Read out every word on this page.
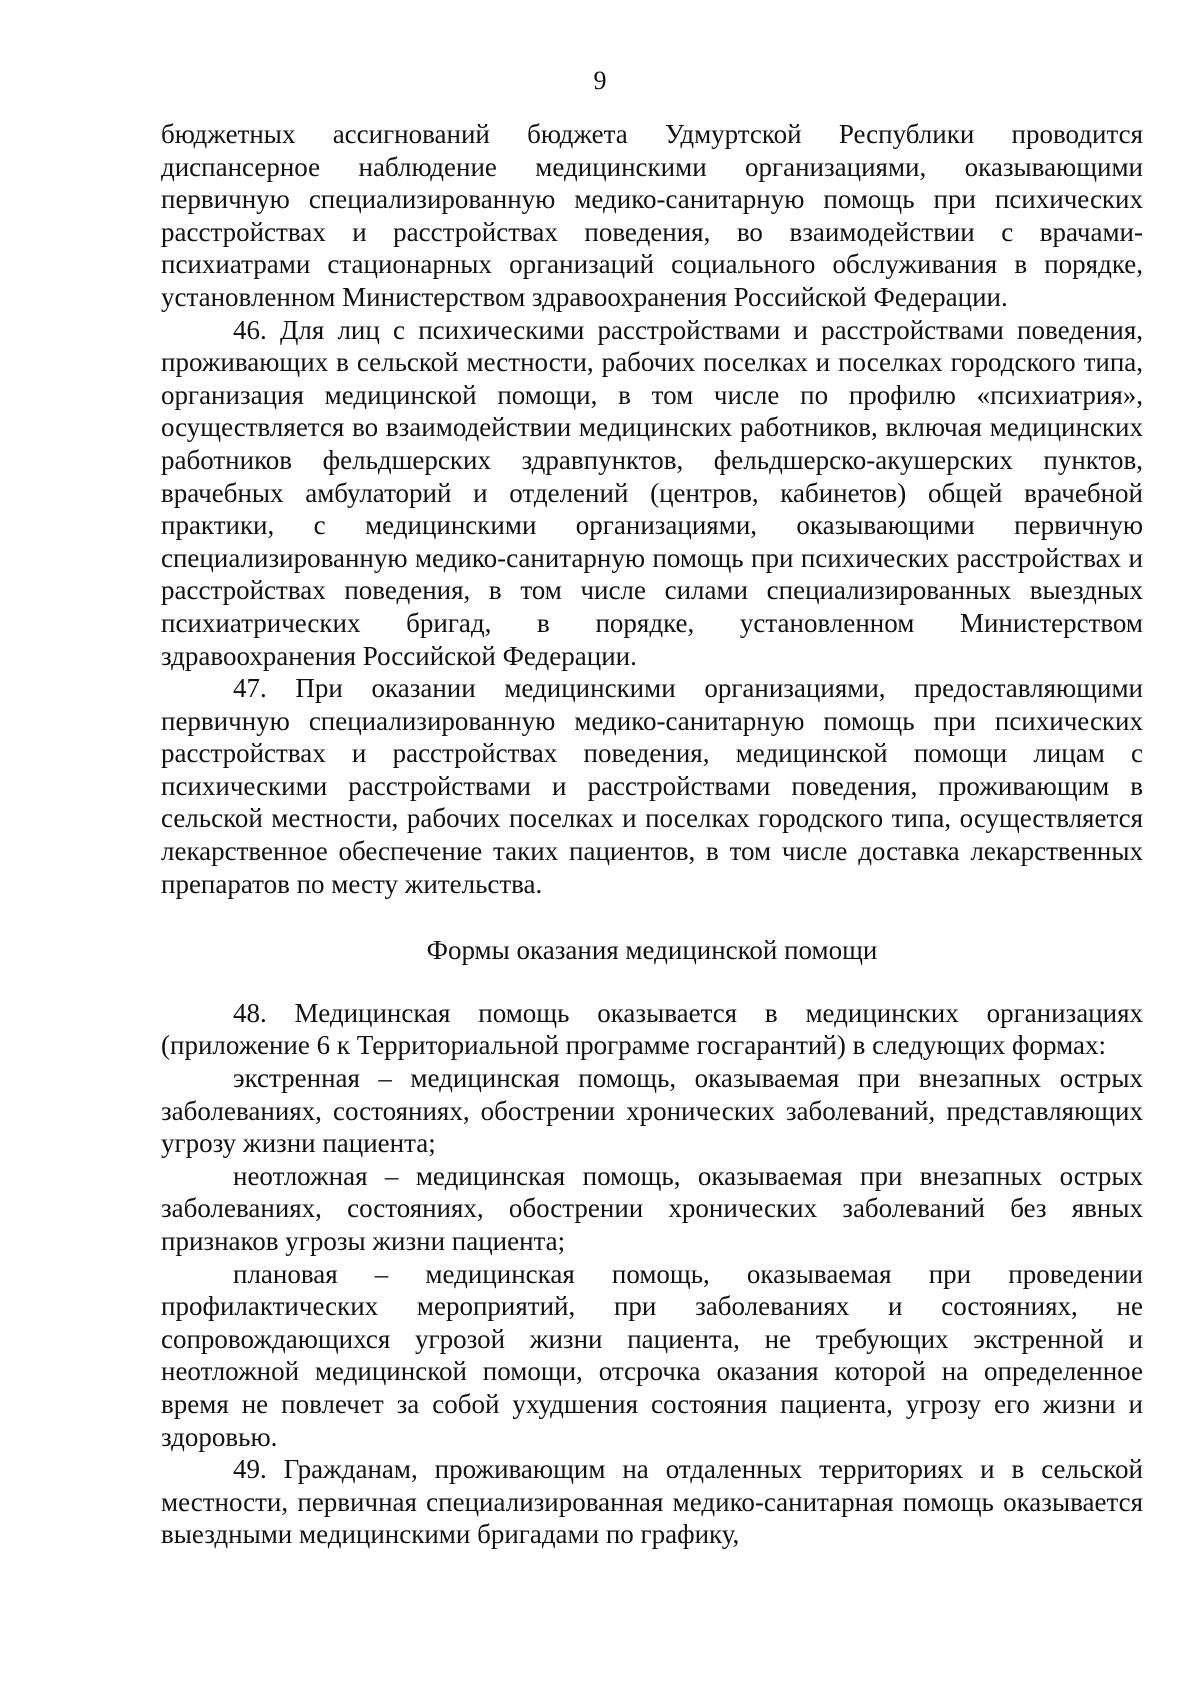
9

бюджетных ассигнований бюджета Удмуртской Республики проводится диспансерное наблюдение медицинскими организациями, оказывающими первичную специализированную медико-санитарную помощь при психических расстройствах и расстройствах поведения, во взаимодействии с врачами-психиатрами стационарных организаций социального обслуживания в порядке, установленном Министерством здравоохранения Российской Федерации.

46. Для лиц с психическими расстройствами и расстройствами поведения, проживающих в сельской местности, рабочих поселках и поселках городского типа, организация медицинской помощи, в том числе по профилю «психиатрия», осуществляется во взаимодействии медицинских работников, включая медицинских работников фельдшерских здравпунктов, фельдшерско-акушерских пунктов, врачебных амбулаторий и отделений (центров, кабинетов) общей врачебной практики, с медицинскими организациями, оказывающими первичную специализированную медико-санитарную помощь при психических расстройствах и расстройствах поведения, в том числе силами специализированных выездных психиатрических бригад, в порядке, установленном Министерством здравоохранения Российской Федерации.

47. При оказании медицинскими организациями, предоставляющими первичную специализированную медико-санитарную помощь при психических расстройствах и расстройствах поведения, медицинской помощи лицам с психическими расстройствами и расстройствами поведения, проживающим в сельской местности, рабочих поселках и поселках городского типа, осуществляется лекарственное обеспечение таких пациентов, в том числе доставка лекарственных препаратов по месту жительства.

Формы оказания медицинской помощи

48. Медицинская помощь оказывается в медицинских организациях (приложение 6 к Территориальной программе госгарантий) в следующих формах:

экстренная – медицинская помощь, оказываемая при внезапных острых заболеваниях, состояниях, обострении хронических заболеваний, представляющих угрозу жизни пациента;

неотложная – медицинская помощь, оказываемая при внезапных острых заболеваниях, состояниях, обострении хронических заболеваний без явных признаков угрозы жизни пациента;

плановая – медицинская помощь, оказываемая при проведении профилактических мероприятий, при заболеваниях и состояниях, не сопровождающихся угрозой жизни пациента, не требующих экстренной и неотложной медицинской помощи, отсрочка оказания которой на определенное время не повлечет за собой ухудшения состояния пациента, угрозу его жизни и здоровью.

49. Гражданам, проживающим на отдаленных территориях и в сельской местности, первичная специализированная медико-санитарная помощь оказывается выездными медицинскими бригадами по графику,
